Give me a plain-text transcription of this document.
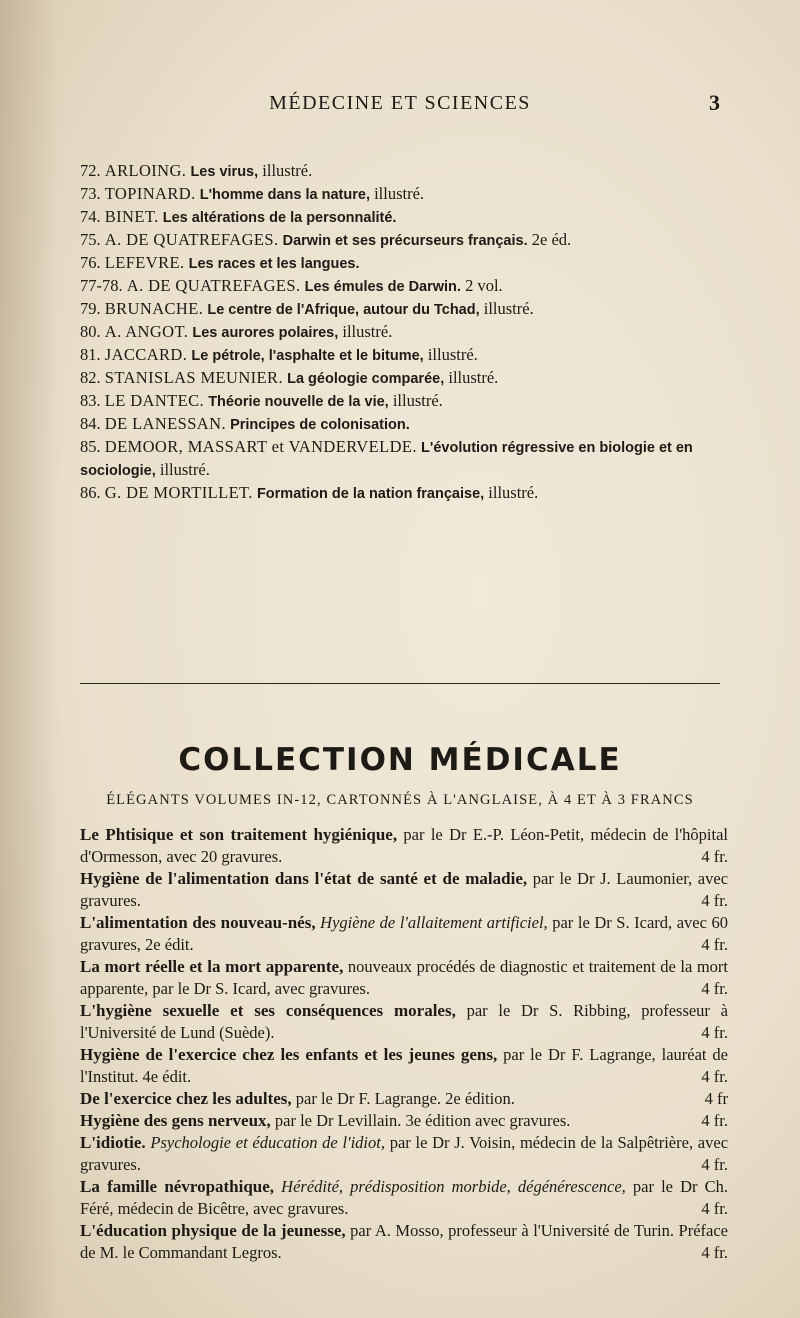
MÉDECINE ET SCIENCES	3

72. ARLOING. Les virus, illustré.

73. TOPINARD. L'homme dans la nature, illustré.

74. BINET. Les altérations de la personnalité.

75. A. DE QUATREFAGES. Darwin et ses précurseurs français. 2e éd.

76. LEFEVRE. Les races et les langues.

77-78. A. DE QUATREFAGES. Les émules de Darwin. 2 vol.

79. BRUNACHE. Le centre de l'Afrique, autour du Tchad, illustré.

80. A. ANGOT. Les aurores polaires, illustré.

81. JACCARD. Le pétrole, l'asphalte et le bitume, illustré.

82. STANISLAS MEUNIER. La géologie comparée, illustré.

83. LE DANTEC. Théorie nouvelle de la vie, illustré.

84. DE LANESSAN. Principes de colonisation.

85. DEMOOR, MASSART et VANDERVELDE. L'évolution régressive en biologie et en sociologie, illustré.

86. G. DE MORTILLET. Formation de la nation française, illustré.

COLLECTION MÉDICALE
ÉLÉGANTS VOLUMES IN-12, CARTONNÉS À L'ANGLAISE, À 4 ET À 3 FRANCS

Le Phtisique et son traitement hygiénique, par le Dr E.-P. Léon-Petit, médecin de l'hôpital d'Ormesson, avec 20 gravures.	4 fr.

Hygiène de l'alimentation dans l'état de santé et de maladie, par le Dr J. Laumonier, avec gravures.	4 fr.

L'alimentation des nouveau-nés, Hygiène de l'allaitement artificiel, par le Dr S. Icard, avec 60 gravures, 2e édit.	4 fr.

La mort réelle et la mort apparente, nouveaux procédés de diagnostic et traitement de la mort apparente, par le Dr S. Icard, avec gravures.	4 fr.

L'hygiène sexuelle et ses conséquences morales, par le Dr S. Ribbing, professeur à l'Université de Lund (Suède).	4 fr.

Hygiène de l'exercice chez les enfants et les jeunes gens, par le Dr F. Lagrange, lauréat de l'Institut. 4e édit.	4 fr.

De l'exercice chez les adultes, par le Dr F. Lagrange. 2e édition.	4 fr

Hygiène des gens nerveux, par le Dr Levillain. 3e édition avec gravures.	4 fr.

L'idiotie. Psychologie et éducation de l'idiot, par le Dr J. Voisin, médecin de la Salpêtrière, avec gravures.	4 fr.

La famille névropathique, Hérédité, prédisposition morbide, dégénérescence, par le Dr Ch. Féré, médecin de Bicêtre, avec gravures.	4 fr.

L'éducation physique de la jeunesse, par A. Mosso, professeur à l'Université de Turin. Préface de M. le Commandant Legros.	4 fr.
